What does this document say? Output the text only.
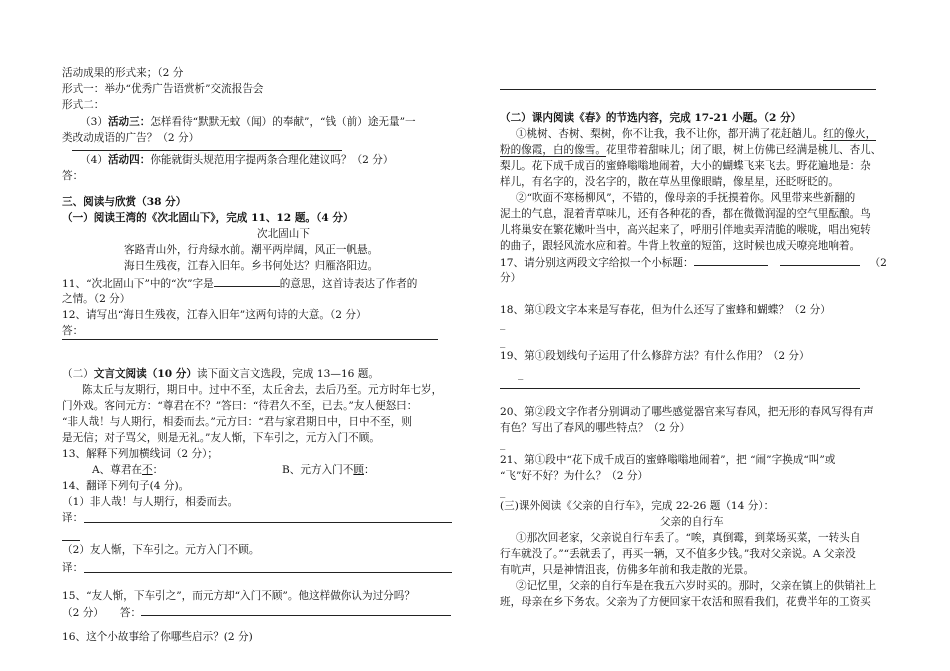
活动成果的形式来；（2 分
形式一：举办“优秀广告语赏析”交流报告会
形式二：
（3）活动三：怎样看待“默默无蚊（闻）的奉献”，“钱（前）途无量”一
类改动成语的广告？（2 分）
（4）活动四：你能就街头规范用字提两条合理化建议吗？（2 分）
答：
三、阅读与欣赏（38 分）
（一）阅读王湾的《次北固山下》，完成 11、12 题。（4 分）
次北固山下
客路青山外，行舟绿水前。潮平两岸阔，风正一帆悬。
海日生残夜，江春入旧年。乡书何处达？归雁洛阳边。
11、“次北固山下”中的“次”字是	的意思，这首诗表达了作者的
之情。（2 分）
12、请写出“海日生残夜，江春入旧年”这两句诗的大意。（2 分）
答：
（二）文言文阅读（10 分）读下面文言文选段，完成 13—16 题。
陈太丘与友期行，期日中。过中不至，太丘舍去，去后乃至。元方时年七岁，
门外戏。客问元方：“尊君在不？”答曰：“待君久不至，已去。”友人便怒曰：
“非人哉！与人期行，相委而去。”元方曰：“君与家君期日中，日中不至，则
是无信；对子骂父，则是无礼。”友人惭，下车引之，元方入门不顾。
13、解释下列加横线词（2 分）；
A、尊君在不：	B、元方入门不顾：
14、翻译下列句子(4 分)。
（1）非人哉！与人期行，相委而去。
译：
（2）友人惭，下车引之。元方入门不顾。
译：
15、“友人惭，下车引之”，而元方却“入门不顾”。他这样做你认为过分吗？
（2 分） 答：
16、这个小故事给了你哪些启示？(2 分)
（二）课内阅读《春》的节选内容，完成 17-21 小题。（2 分）
①桃树、杏树、梨树，你不让我，我不让你，都开满了花赶趟儿。红的像火，
粉的像霞，白的像雪。花里带着甜味儿；闭了眼，树上仿佛已经满是桃儿、杏儿、
梨儿。花下成千成百的蜜蜂嗡嗡地闹着，大小的蝴蝶飞来飞去。野花遍地是：杂
样儿，有名字的，没名字的，散在草丛里像眼睛，像星星，还眨呀眨的。
②“吹面不寒杨柳风”，不错的，像母亲的手抚摸着你。风里带来些新翻的
泥土的气息，混着青草味儿，还有各种花的香，都在微微润湿的空气里酝酿。鸟
儿将巢安在繁花嫩叶当中，高兴起来了，呼朋引伴地卖弄清脆的喉咙，唱出宛转
的曲子，跟轻风流水应和着。牛背上牧童的短笛，这时候也成天嘹亮地响着。
17、请分别这两段文字给拟一个小标题：	（2
分）
18、第①段文字本来是写春花，但为什么还写了蜜蜂和蝴蝶？（2 分）
_
_
19、第①段划线句子运用了什么修辞方法？有什么作用？（2 分）
_
20、第②段文字作者分别调动了哪些感觉器官来写春风，把无形的春风写得有声
有色？写出了春风的哪些特点？（2 分）
_
21、第①段中“花下成千成百的蜜蜂嗡嗡地闹着”，把 “闹”字换成“叫”或
“飞”好不好？为什么？（2 分）
_
(三)课外阅读《父亲的自行车》，完成 22-26 题（14 分）：
父亲的自行车
①那次回老家，父亲说自行车丢了。“唉，真倒霉，到菜场买菜，一转头自
行车就没了。”“丢就丢了，再买一辆，又不值多少钱。”我对父亲说。A 父亲没
有吭声，只是神情沮丧，仿佛多年前和我走散的光景。
②记忆里，父亲的自行车是在我五六岁时买的。那时，父亲在镇上的供销社上
班，母亲在乡下务农。父亲为了方便回家干农活和照看我们，花费半年的工资买
